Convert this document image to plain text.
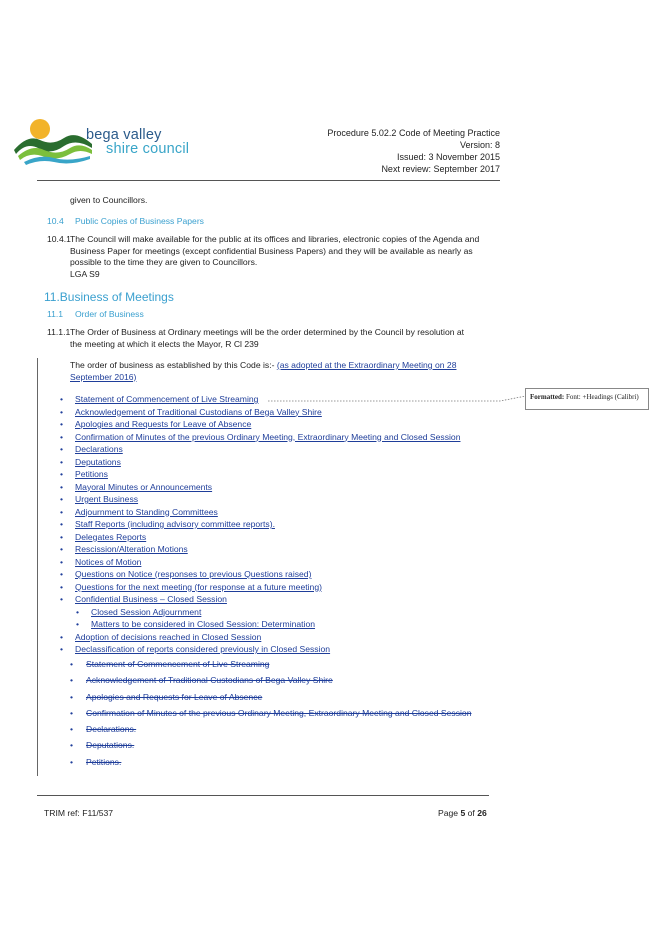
bega valley
shire council
Procedure 5.02.2 Code of Meeting Practice
Version: 8
Issued: 3 November 2015
Next review: September 2017
given to Councillors.
10.4 Public Copies of Business Papers
10.4.1 The Council will make available for the public at its offices and libraries, electronic copies of the Agenda and
Business Paper for meetings (except confidential Business Papers) and they will be available as nearly as
possible to the time they are given to Councillors.
LGA S9
11.Business of Meetings
11.1 Order of Business
11.1.1 The Order of Business at Ordinary meetings will be the order determined by the Council by resolution at
the meeting at which it elects the Mayor, R Cl 239
The order of business as established by this Code is:- (as adopted at the Extraordinary Meeting on 28
September 2016)
• Statement of Commencement of Live Streaming
• Acknowledgement of Traditional Custodians of Bega Valley Shire
• Apologies and Requests for Leave of Absence
• Confirmation of Minutes of the previous Ordinary Meeting, Extraordinary Meeting and Closed Session
• Declarations
• Deputations
• Petitions
• Mayoral Minutes or Announcements
• Urgent Business
• Adjournment to Standing Committees
• Staff Reports (including advisory committee reports).
• Delegates Reports
• Rescission/Alteration Motions
• Notices of Motion
• Questions on Notice (responses to previous Questions raised)
• Questions for the next meeting (for response at a future meeting)
• Confidential Business – Closed Session
• Closed Session Adjournment
• Matters to be considered in Closed Session: Determination
• Adoption of decisions reached in Closed Session
• Declassification of reports considered previously in Closed Session
• Statement of Commencement of Live Streaming
• Acknowledgement of Traditional Custodians of Bega Valley Shire
• Apologies and Requests for Leave of Absence
• Confirmation of Minutes of the previous Ordinary Meeting, Extraordinary Meeting and Closed Session
• Declarations.
• Deputations.
• Petitions.
Formatted: Font: +Headings (Calibri)
TRIM ref: F11/537	Page 5 of 26
